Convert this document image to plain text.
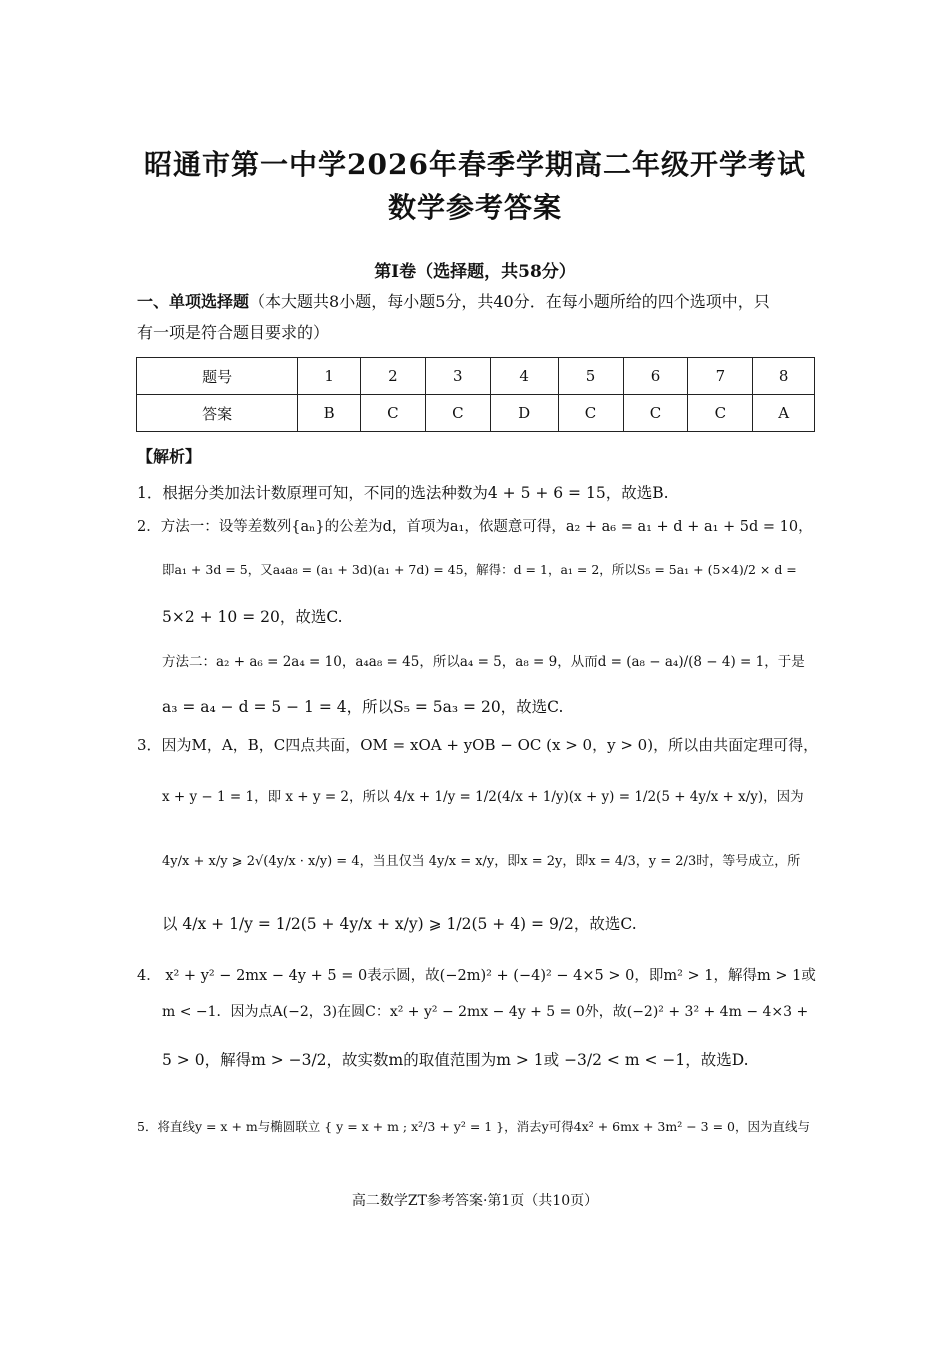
昭通市第一中学2026年春季学期高二年级开学考试
数学参考答案
第Ⅰ卷（选择题，共58分）
一、单项选择题（本大题共8小题，每小题5分，共40分．在每小题所给的四个选项中，只
有一项是符合题目要求的）
题号	1	2	3	4	5	6	7	8
答案	B	C	C	D	C	C	C	A
【解析】
1．根据分类加法计数原理可知，不同的选法种数为4 + 5 + 6 = 15，故选B.
2．方法一：设等差数列{aₙ}的公差为d，首项为a₁，依题意可得，a₂ + a₆ = a₁ + d + a₁ + 5d = 10，
即a₁ + 3d = 5，又a₄a₈ = (a₁ + 3d)(a₁ + 7d) = 45，解得：d = 1，a₁ = 2，所以S₅ = 5a₁ + (5×4)/2 × d =
5×2 + 10 = 20，故选C.
方法二：a₂ + a₆ = 2a₄ = 10，a₄a₈ = 45，所以a₄ = 5，a₈ = 9，从而d = (a₈ − a₄)/(8 − 4) = 1，于是
a₃ = a₄ − d = 5 − 1 = 4，所以S₅ = 5a₃ = 20，故选C.
3．因为M，A，B，C四点共面，OM = xOA + yOB − OC (x > 0，y > 0)，所以由共面定理可得，
x + y − 1 = 1，即 x + y = 2，所以 4/x + 1/y = 1/2(4/x + 1/y)(x + y) = 1/2(5 + 4y/x + x/y)，因为
4y/x + x/y ⩾ 2√(4y/x · x/y) = 4，当且仅当 4y/x = x/y，即x = 2y，即x = 4/3，y = 2/3时，等号成立，所
以 4/x + 1/y = 1/2(5 + 4y/x + x/y) ⩾ 1/2(5 + 4) = 9/2，故选C.
4． x² + y² − 2mx − 4y + 5 = 0表示圆，故(−2m)² + (−4)² − 4×5 > 0，即m² > 1，解得m > 1或
m < −1．因为点A(−2，3)在圆C：x² + y² − 2mx − 4y + 5 = 0外，故(−2)² + 3² + 4m − 4×3 +
5 > 0，解得m > −3/2，故实数m的取值范围为m > 1或 −3/2 < m < −1，故选D.
5．将直线y = x + m与椭圆联立 { y = x + m ; x²/3 + y² = 1 }，消去y可得4x² + 6mx + 3m² − 3 = 0，因为直线与
高二数学ZT参考答案·第1页（共10页）
